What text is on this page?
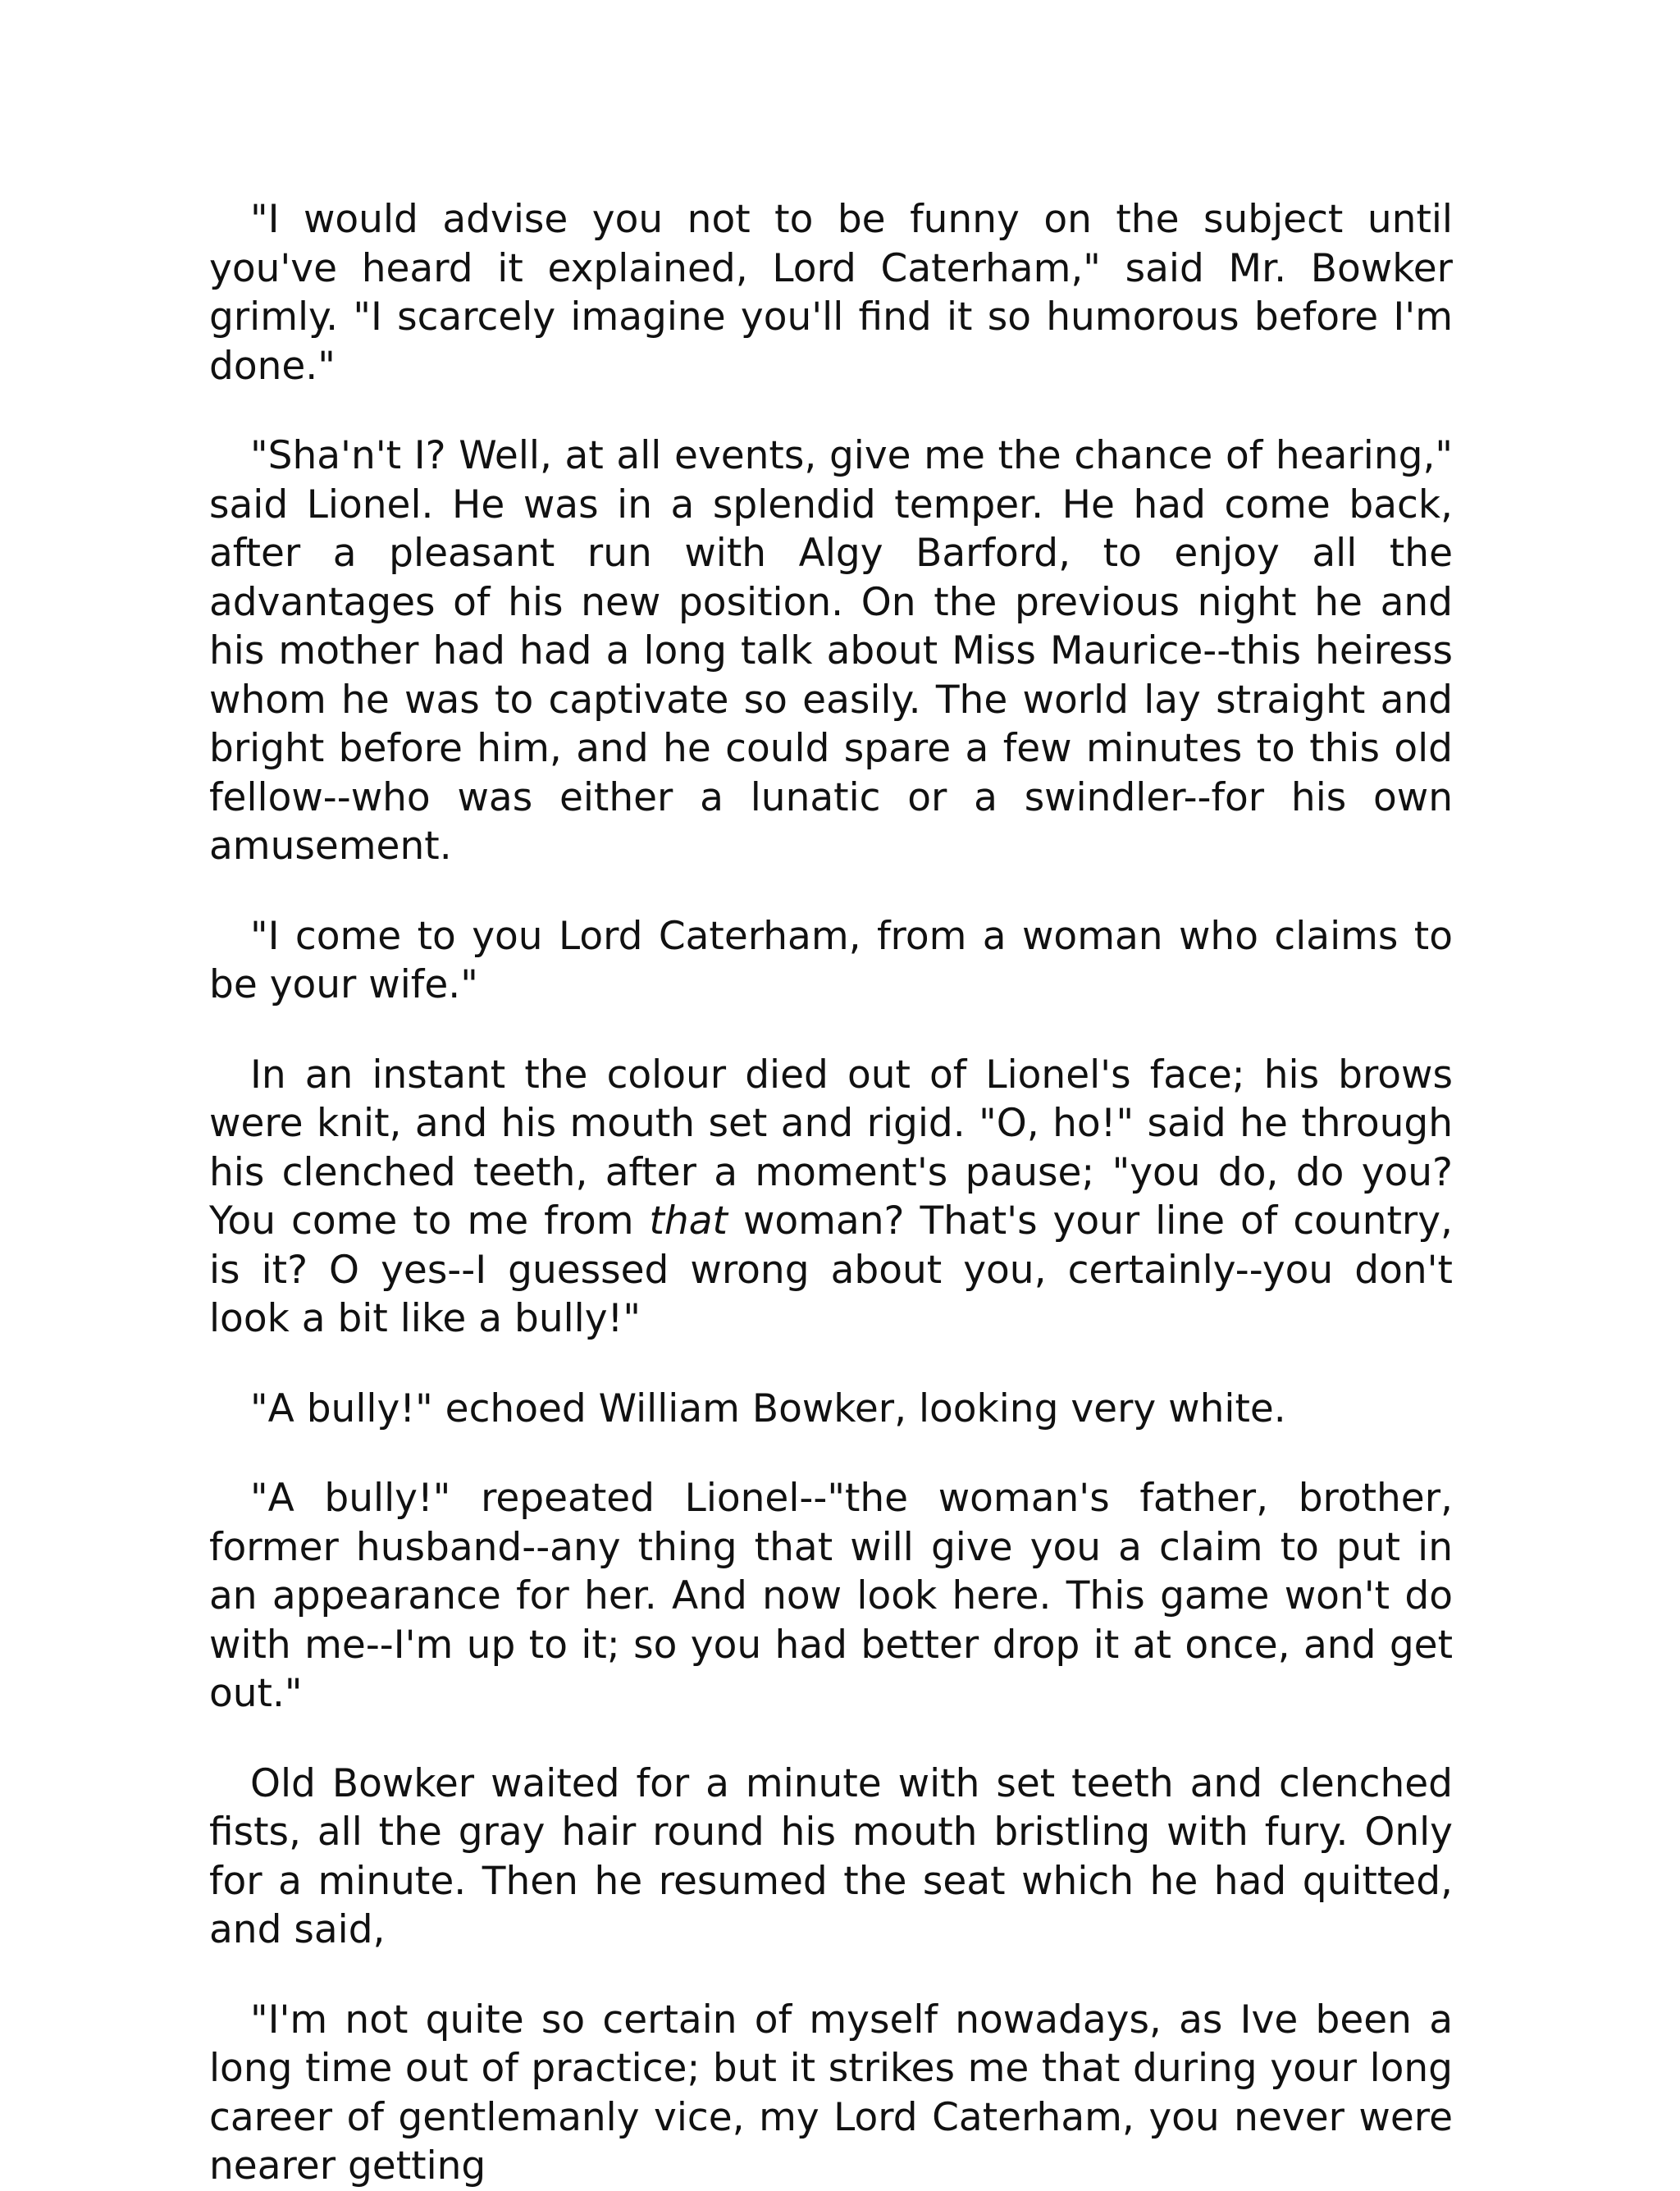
"I would advise you not to be funny on the subject until you've heard it explained, Lord Caterham," said Mr. Bowker grimly. "I scarcely imagine you'll find it so humorous before I'm done."

"Sha'n't I? Well, at all events, give me the chance of hearing," said Lionel. He was in a splendid temper. He had come back, after a pleasant run with Algy Barford, to enjoy all the advantages of his new position. On the previous night he and his mother had had a long talk about Miss Maurice--this heiress whom he was to captivate so easily. The world lay straight and bright before him, and he could spare a few minutes to this old fellow--who was either a lunatic or a swindler--for his own amusement.

"I come to you Lord Caterham, from a woman who claims to be your wife."

In an instant the colour died out of Lionel's face; his brows were knit, and his mouth set and rigid. "O, ho!" said he through his clenched teeth, after a moment's pause; "you do, do you? You come to me from that woman? That's your line of country, is it? O yes--I guessed wrong about you, certainly--you don't look a bit like a bully!"

"A bully!" echoed William Bowker, looking very white.

"A bully!" repeated Lionel--"the woman's father, brother, former husband--any thing that will give you a claim to put in an appearance for her. And now look here. This game won't do with me--I'm up to it; so you had better drop it at once, and get out."

Old Bowker waited for a minute with set teeth and clenched fists, all the gray hair round his mouth bristling with fury. Only for a minute. Then he resumed the seat which he had quitted, and said,

"I'm not quite so certain of myself nowadays, as Ive been a long time out of practice; but it strikes me that during your long career of gentlemanly vice, my Lord Caterham, you never were nearer getting
